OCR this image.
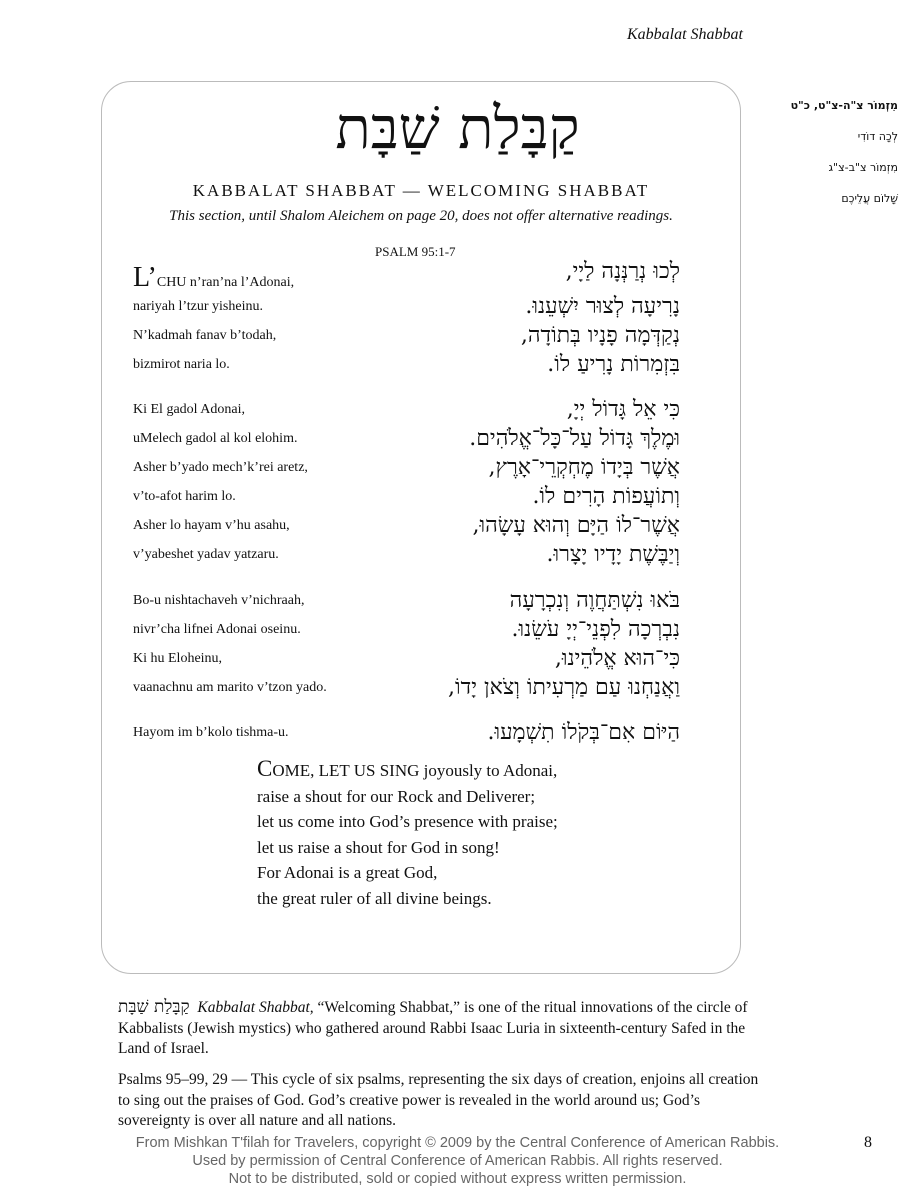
Kabbalat Shabbat
מִזְמוֹר צ"ה-צ"ט, כ"ט
לְכָה דוֹדִי
מִזְמוֹר צ"ב-צ"ג
שָׁלוֹם עֲלֵיכֶם
קַבָּלַת שַׁבָּת
KABBALAT SHABBAT — WELCOMING SHABBAT
This section, until Shalom Aleichem on page 20, does not offer alternative readings.
PSALM 95:1-7
L’CHU n’ran’na l’Adonai,	לְכוּ נְרַנְּנָה לַיָי,
nariyah l’tzur yisheinu.	נָרִיעָה לְצוּר יִשְׁעֵנוּ.
N’kadmah fanav b’todah,	נְקַדְּמָה פָנָיו בְּתוֹדָה,
bizmirot naria lo.	בִּזְמִרוֹת נָרִיעַ לוֹ.
Ki El gadol Adonai,	כִּי אֵל גָּדוֹל יְיָ,
uMelech gadol al kol elohim.	וּמֶלֶךְ גָּדוֹל עַל־כָּל־אֱלֹהִים.
Asher b’yado mech’k’rei aretz,	אֲשֶׁר בְּיָדוֹ מֶחְקְרֵי־אָרֶץ,
v’to-afot harim lo.	וְתוֹעֲפוֹת הָרִים לוֹ.
Asher lo hayam v’hu asahu,	אֲשֶׁר־לוֹ הַיָּם וְהוּא עָשָׂהוּ,
v’yabeshet yadav yatzaru.	וְיַבֶּשֶׁת יָדָיו יָצָרוּ.
Bo-u nishtachaveh v’nichraah,	בֹּאוּ נִשְׁתַּחֲוֶה וְנִכְרָעָה
nivr’cha lifnei Adonai oseinu.	נִבְרְכָה לִפְנֵי־יְיָ עֹשֵׂנוּ.
Ki hu Eloheinu,	כִּי־הוּא אֱלֹהֵינוּ,
vaanachnu am marito v’tzon yado.	וַאֲנַחְנוּ עַם מַרְעִיתוֹ וְצֹאן יָדוֹ,
Hayom im b’kolo tishma-u.	הַיּוֹם אִם־בְּקֹלוֹ תִשְׁמָעוּ.
COME, LET US SING joyously to Adonai,
raise a shout for our Rock and Deliverer;
let us come into God’s presence with praise;
let us raise a shout for God in song!
For Adonai is a great God,
the great ruler of all divine beings.
קַבָּלַת שַׁבָּת Kabbalat Shabbat, “Welcoming Shabbat,” is one of the ritual innovations of the circle of Kabbalists (Jewish mystics) who gathered around Rabbi Isaac Luria in sixteenth-century Safed in the Land of Israel.
Psalms 95–99, 29 — This cycle of six psalms, representing the six days of creation, enjoins all creation to sing out the praises of God. God’s creative power is revealed in the world around us; God’s sovereignty is over all nature and all nations.
From Mishkan T'filah for Travelers, copyright © 2009 by the Central Conference of American Rabbis.
Used by permission of Central Conference of American Rabbis. All rights reserved.
Not to be distributed, sold or copied without express written permission.
8
